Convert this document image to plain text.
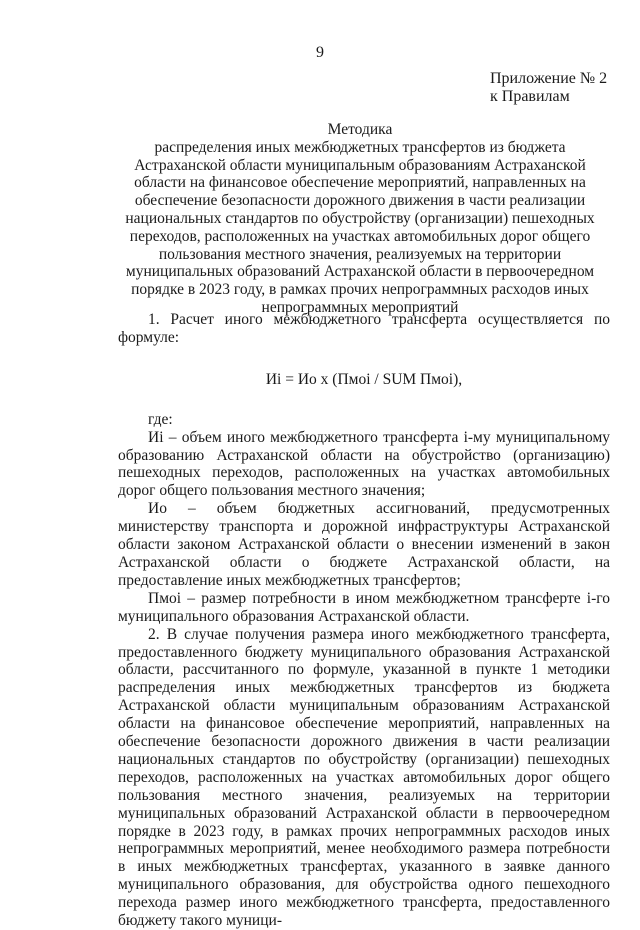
9
Приложение № 2
к Правилам
Методика
распределения иных межбюджетных трансфертов из бюджета Астраханской области муниципальным образованиям Астраханской области на финансовое обеспечение мероприятий, направленных на обеспечение безопасности дорожного движения в части реализации национальных стандартов по обустройству (организации) пешеходных переходов, расположенных на участках автомобильных дорог общего пользования местного значения, реализуемых на территории муниципальных образований Астраханской области в первоочередном порядке в 2023 году, в рамках прочих непрограммных расходов иных непрограммных мероприятий

1. Расчет иного межбюджетного трансферта осуществляется по формуле:

Иi = Ио x (Пмоi / SUM Пмоi),

где:

Иi – объем иного межбюджетного трансферта i-му муниципальному образованию Астраханской области на обустройство (организацию) пешеходных переходов, расположенных на участках автомобильных дорог общего пользования местного значения;

Ио – объем бюджетных ассигнований, предусмотренных министерству транспорта и дорожной инфраструктуры Астраханской области законом Астраханской области о внесении изменений в закон Астраханской области о бюджете Астраханской области, на предоставление иных межбюджетных трансфертов;

Пмоi – размер потребности в ином межбюджетном трансферте i-го муниципального образования Астраханской области.

2. В случае получения размера иного межбюджетного трансферта, предоставленного бюджету муниципального образования Астраханской области, рассчитанного по формуле, указанной в пункте 1 методики распределения иных межбюджетных трансфертов из бюджета Астраханской области муниципальным образованиям Астраханской области на финансовое обеспечение мероприятий, направленных на обеспечение безопасности дорожного движения в части реализации национальных стандартов по обустройству (организации) пешеходных переходов, расположенных на участках автомобильных дорог общего пользования местного значения, реализуемых на территории муниципальных образований Астраханской области в первоочередном порядке в 2023 году, в рамках прочих непрограммных расходов иных непрограммных мероприятий, менее необходимого размера потребности в иных межбюджетных трансфертах, указанного в заявке данного муниципального образования, для обустройства одного пешеходного перехода размер иного межбюджетного трансферта, предоставленного бюджету такого муници-
